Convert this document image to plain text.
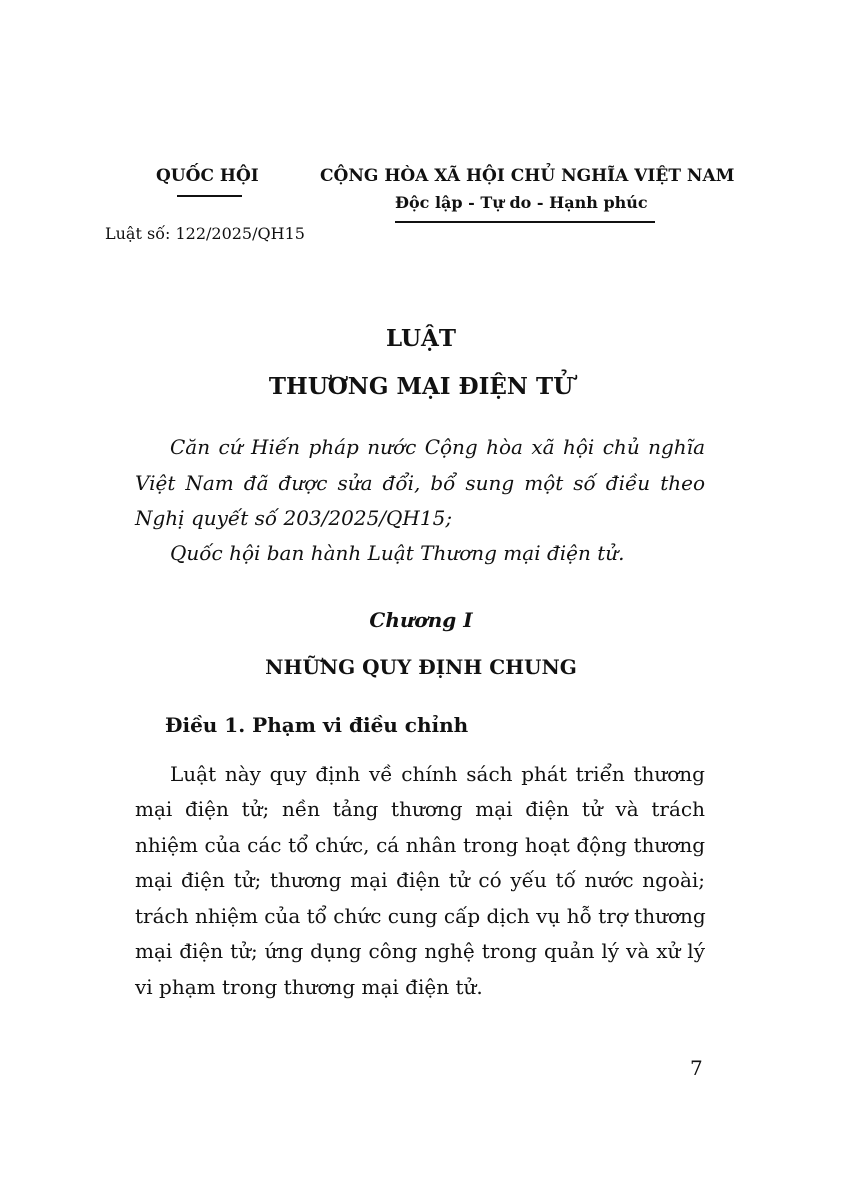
QUỐC HỘI
Luật số: 122/2025/QH15
CỘNG HÒA XÃ HỘI CHỦ NGHĨA VIỆT NAM
Độc lập - Tự do - Hạnh phúc
LUẬT
THƯƠNG MẠI ĐIỆN TỬ
Căn cứ Hiến pháp nước Cộng hòa xã hội chủ nghĩa
Việt Nam đã được sửa đổi, bổ sung một số điều theo
Nghị quyết số 203/2025/QH15;
Quốc hội ban hành Luật Thương mại điện tử.
Chương I
NHỮNG QUY ĐỊNH CHUNG
Điều 1. Phạm vi điều chỉnh
Luật này quy định về chính sách phát triển thương
mại điện tử; nền tảng thương mại điện tử và trách
nhiệm của các tổ chức, cá nhân trong hoạt động thương
mại điện tử; thương mại điện tử có yếu tố nước ngoài;
trách nhiệm của tổ chức cung cấp dịch vụ hỗ trợ thương
mại điện tử; ứng dụng công nghệ trong quản lý và xử lý
vi phạm trong thương mại điện tử.
7
